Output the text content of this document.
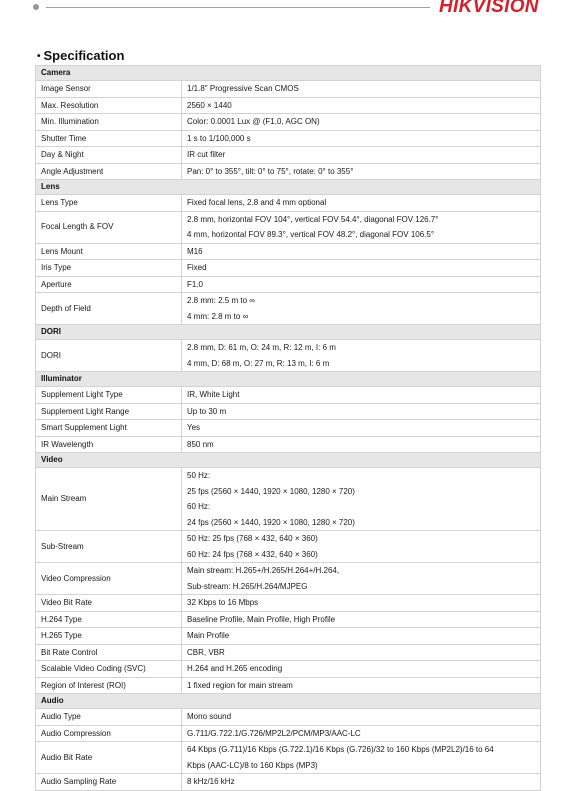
HIKVISION
• Specification
Camera	
Image Sensor	1/1.8" Progressive Scan CMOS

Max. Resolution	2560 × 1440

Min. Illumination	Color: 0.0001 Lux @ (F1.0, AGC ON)

Shutter Time	1 s to 1/100,000 s

Day & Night	IR cut filter

Angle Adjustment	Pan: 0° to 355°, tilt: 0° to 75°, rotate: 0° to 355°

Lens	
Lens Type	Fixed focal lens, 2.8 and 4 mm optional

Focal Length & FOV	2.8 mm, horizontal FOV 104°, vertical FOV 54.4°, diagonal FOV 126.7°
4 mm, horizontal FOV 89.3°, vertical FOV 48.2°, diagonal FOV 106.5°

Lens Mount	M16

Iris Type	Fixed

Aperture	F1.0

Depth of Field	2.8 mm: 2.5 m to ∞
4 mm: 2.8 m to ∞

DORI	
DORI	2.8 mm, D: 61 m, O: 24 m, R: 12 m, I: 6 m
4 mm, D: 68 m, O: 27 m, R: 13 m, I: 6 m

Illuminator	
Supplement Light Type	IR, White Light

Supplement Light Range	Up to 30 m

Smart Supplement Light	Yes

IR Wavelength	850 nm

Video	
Main Stream	50 Hz:
25 fps (2560 × 1440, 1920 × 1080, 1280 × 720)
60 Hz:
24 fps (2560 × 1440, 1920 × 1080, 1280 × 720)

Sub-Stream	50 Hz: 25 fps (768 × 432, 640 × 360)
60 Hz: 24 fps (768 × 432, 640 × 360)

Video Compression	Main stream: H.265+/H.265/H.264+/H.264,
Sub-stream: H.265/H.264/MJPEG

Video Bit Rate	32 Kbps to 16 Mbps

H.264 Type	Baseline Profile, Main Profile, High Profile

H.265 Type	Main Profile

Bit Rate Control	CBR, VBR

Scalable Video Coding (SVC)	H.264 and H.265 encoding

Region of Interest (ROI)	1 fixed region for main stream

Audio	
Audio Type	Mono sound

Audio Compression	G.711/G.722.1/G.726/MP2L2/PCM/MP3/AAC-LC

Audio Bit Rate	64 Kbps (G.711)/16 Kbps (G.722.1)/16 Kbps (G.726)/32 to 160 Kbps (MP2L2)/16 to 64
Kbps (AAC-LC)/8 to 160 Kbps (MP3)

Audio Sampling Rate	8 kHz/16 kHz
